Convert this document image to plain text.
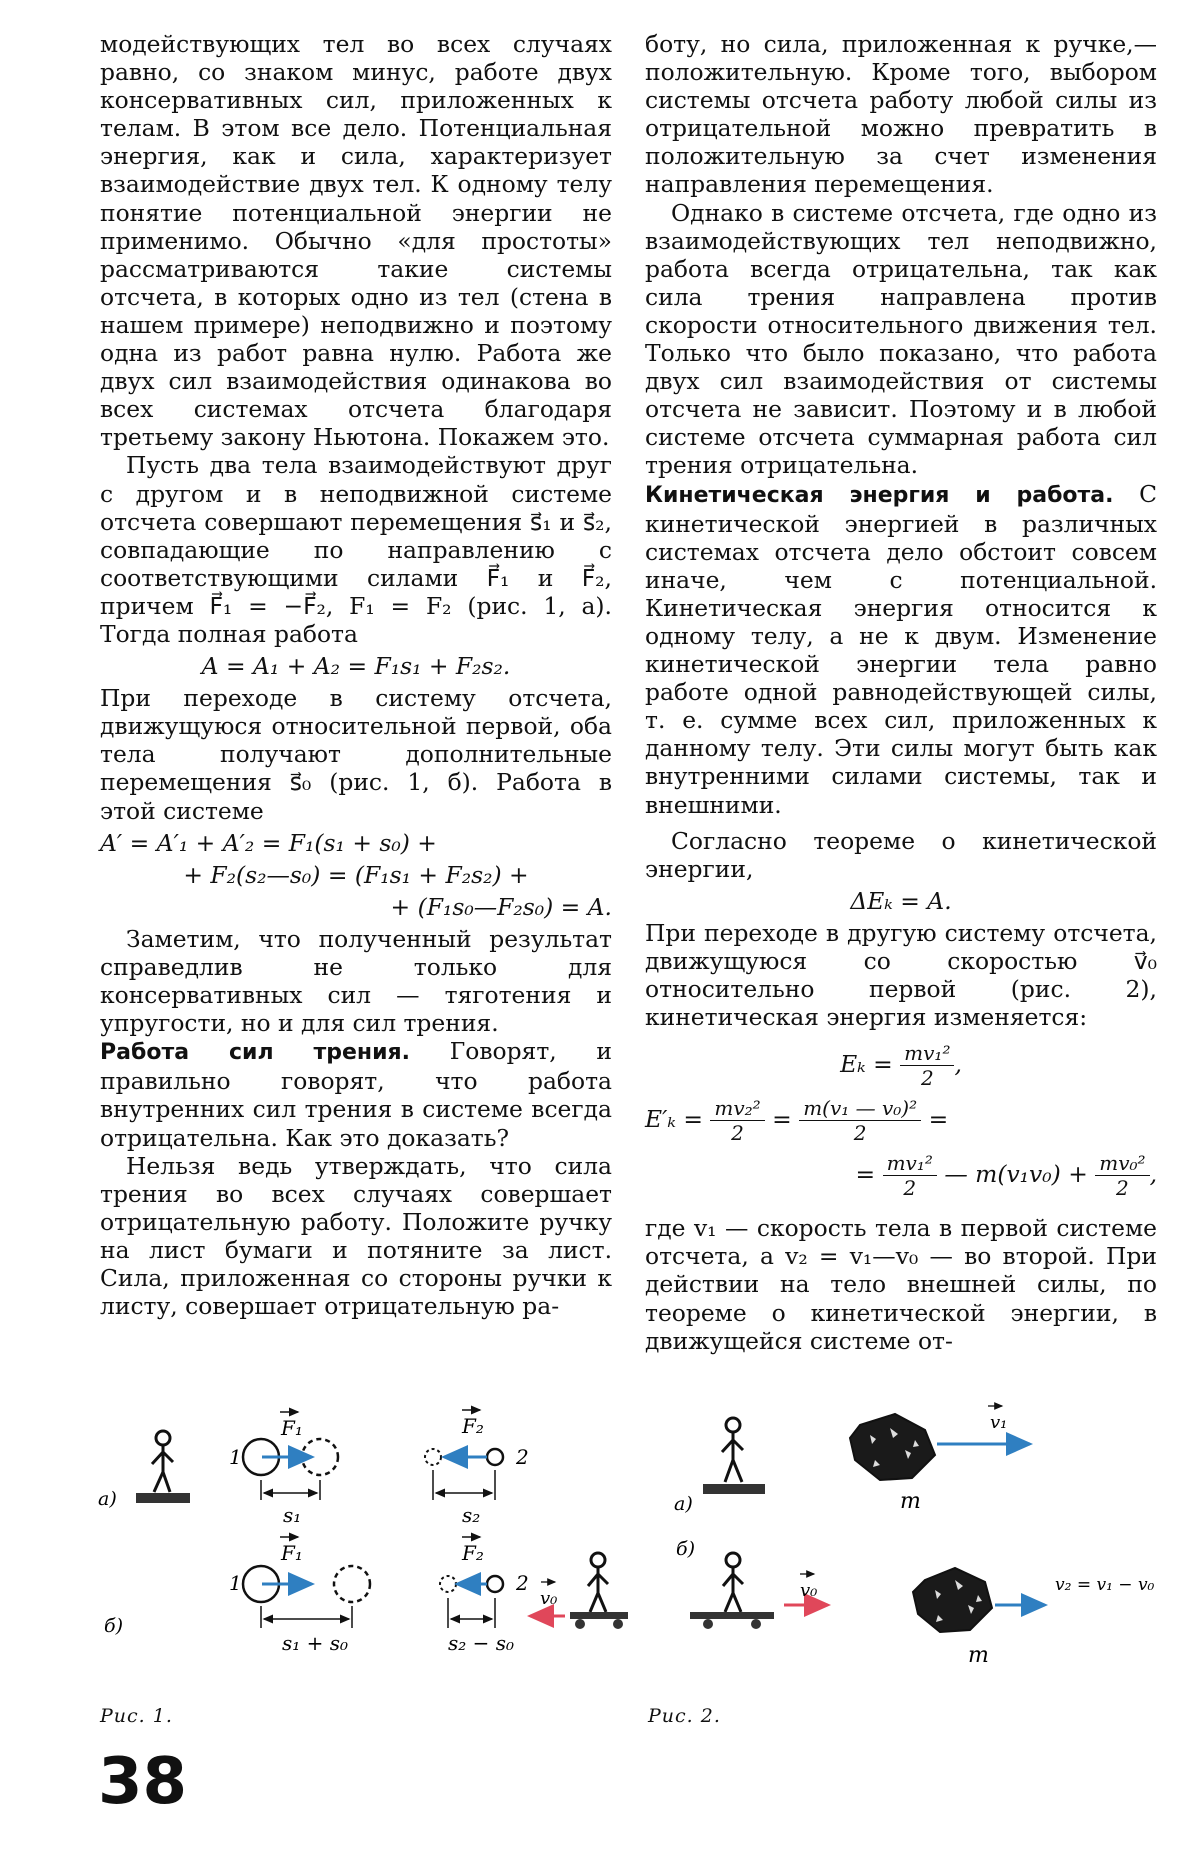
модействующих тел во всех случаях равно, со знаком минус, работе двух консервативных сил, приложенных к телам. В этом все дело. Потенциальная энергия, как и сила, характеризует взаимодействие двух тел. К одному телу понятие потенциальной энергии не применимо. Обычно «для простоты» рассматриваются такие системы отсчета, в которых одно из тел (стена в нашем примере) неподвижно и поэтому одна из работ равна нулю. Работа же двух сил взаимодействия одинакова во всех системах отсчета благодаря третьему закону Ньютона. Покажем это.

Пусть два тела взаимодействуют друг с другом и в неподвижной системе отсчета совершают перемещения s⃗₁ и s⃗₂, совпадающие по направлению с соответствующими силами F⃗₁ и F⃗₂, причем F⃗₁ = −F⃗₂, F₁ = F₂ (рис. 1, а). Тогда полная работа

A = A₁ + A₂ = F₁s₁ + F₂s₂.

При переходе в систему отсчета, движущуюся относительной первой, оба тела получают дополнительные перемещения s⃗₀ (рис. 1, б). Работа в этой системе

A′ = A′₁ + A′₂ = F₁(s₁ + s₀) +
+ F₂(s₂—s₀) = (F₁s₁ + F₂s₂) +
+ (F₁s₀—F₂s₀) = A.

Заметим, что полученный результат справедлив не только для консервативных сил — тяготения и упругости, но и для сил трения.

Работа сил трения. Говорят, и правильно говорят, что работа внутренних сил трения в системе всегда отрицательна. Как это доказать?

Нельзя ведь утверждать, что сила трения во всех случаях совершает отрицательную работу. Положите ручку на лист бумаги и потяните за лист. Сила, приложенная со стороны ручки к листу, совершает отрицательную ра-

боту, но сила, приложенная к ручке,— положительную. Кроме того, выбором системы отсчета работу любой силы из отрицательной можно превратить в положительную за счет изменения направления перемещения.

Однако в системе отсчета, где одно из взаимодействующих тел неподвижно, работа всегда отрицательна, так как сила трения направлена против скорости относительного движения тел. Только что было показано, что работа двух сил взаимодействия от системы отсчета не зависит. Поэтому и в любой системе отсчета суммарная работа сил трения отрицательна.

Кинетическая энергия и работа. С кинетической энергией в различных системах отсчета дело обстоит совсем иначе, чем с потенциальной. Кинетическая энергия относится к одному телу, а не к двум. Изменение кинетической энергии тела равно работе одной равнодействующей силы, т. е. сумме всех сил, приложенных к данному телу. Эти силы могут быть как внутренними силами системы, так и внешними.

Согласно теореме о кинетической энергии,

ΔEₖ = A.

При переходе в другую систему отсчета, движущуюся со скоростью v⃗₀ относительно первой (рис. 2), кинетическая энергия изменяется:

$E_k = \frac{\text{mv₁²}}{2}$ ,
$E'_k = \frac{\text{mv₂²}}{2} = \frac{\text{m(v₁ — v₀)²}}{2}$ =
= $\frac{\text{mv₁²}}{2}$ — $m(v_1v_0) + \frac{\text{mv₀²}}{2}$ ,

где v₁ — скорость тела в первой системе отсчета, а v₂ = v₁—v₀ — во второй. При действии на тело внешней силы, по теореме о кинетической энергии, в движущейся системе от-

1
F₁
s₁
2
F₂
s₂
а)
1
F₁
s₁ + s₀
2
F₂
s₂ − s₀
v₀
б)
а)
v₁
m
б)
v₀	v₂ = v₁ − v₀
m
Рис. 1.	Рис. 2.
38
